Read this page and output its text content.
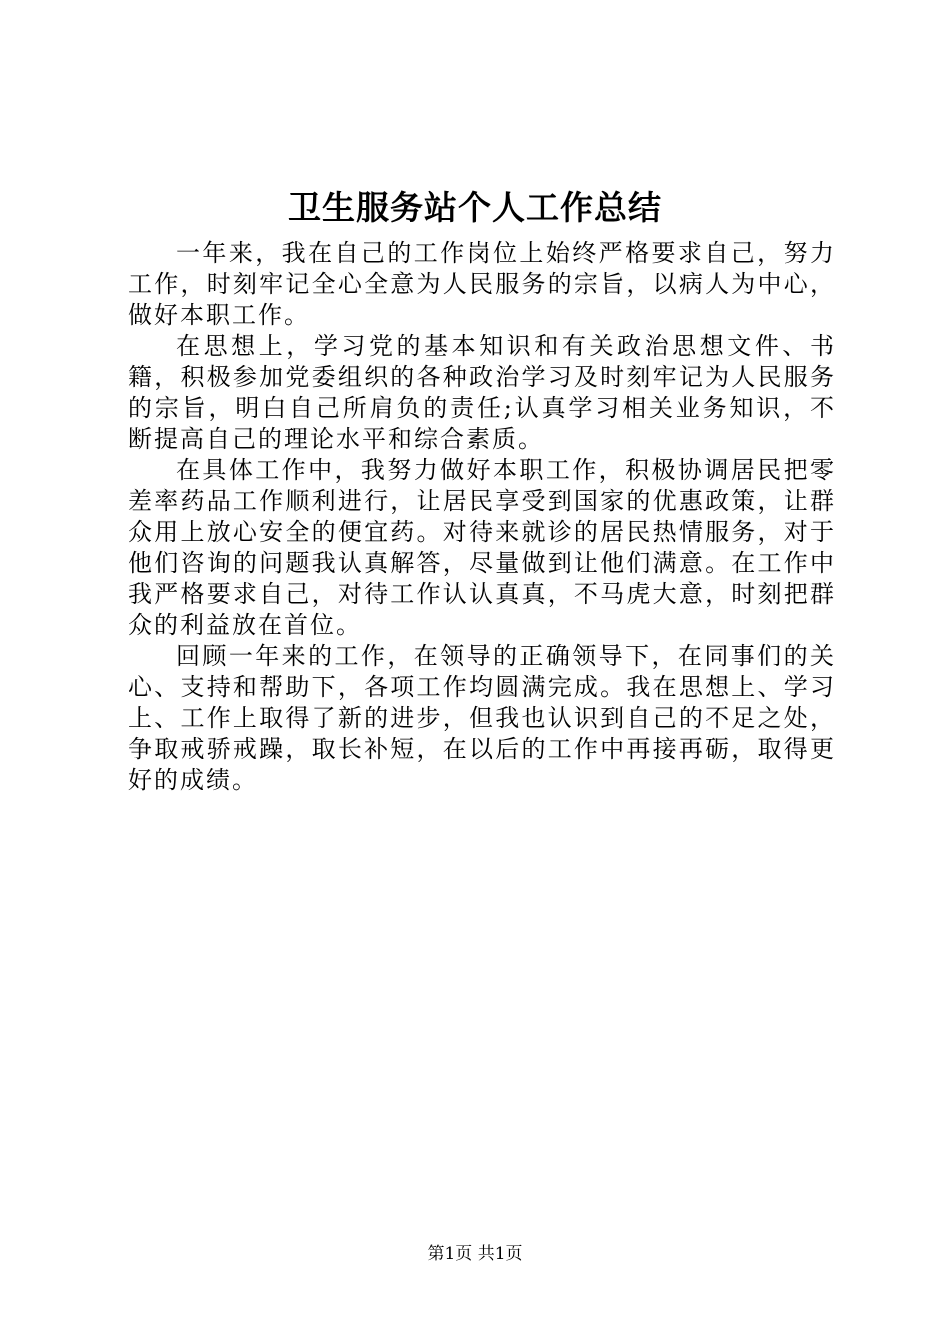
卫生服务站个人工作总结

一年来，我在自己的工作岗位上始终严格要求自己，努力工作，时刻牢记全心全意为人民服务的宗旨，以病人为中心，做好本职工作。

在思想上，学习党的基本知识和有关政治思想文件、书籍，积极参加党委组织的各种政治学习及时刻牢记为人民服务的宗旨，明白自己所肩负的责任;认真学习相关业务知识，不断提高自己的理论水平和综合素质。

在具体工作中，我努力做好本职工作，积极协调居民把零差率药品工作顺利进行，让居民享受到国家的优惠政策，让群众用上放心安全的便宜药。对待来就诊的居民热情服务，对于他们咨询的问题我认真解答，尽量做到让他们满意。在工作中我严格要求自己，对待工作认认真真，不马虎大意，时刻把群众的利益放在首位。

回顾一年来的工作，在领导的正确领导下，在同事们的关心、支持和帮助下，各项工作均圆满完成。我在思想上、学习上、工作上取得了新的进步，但我也认识到自己的不足之处，争取戒骄戒躁，取长补短，在以后的工作中再接再砺，取得更好的成绩。

第1页 共1页
